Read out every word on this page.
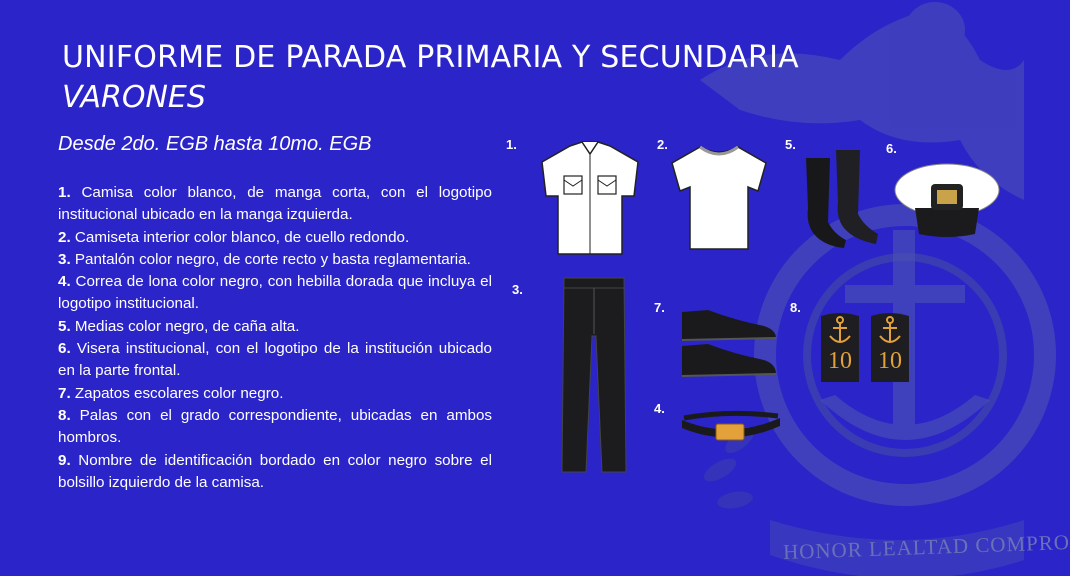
HONOR LEALTAD COMPRO
UNIFORME DE PARADA PRIMARIA Y SECUNDARIA
VARONES
Desde 2do. EGB hasta 10mo. EGB

1. Camisa color blanco, de manga corta, con el logotipo institucional ubicado en la manga izquierda.

2. Camiseta interior color blanco, de cuello redondo.

3. Pantalón color negro, de corte recto y basta reglamentaria.

4. Correa de lona color negro, con hebilla dorada que incluya el logotipo institucional.

5. Medias color negro, de caña alta.

6. Visera institucional, con el logotipo de la institución ubicado en la parte frontal.

7. Zapatos escolares color negro.

8. Palas con el grado correspondiente, ubicadas en ambos hombros.

9. Nombre de identificación bordado en color negro sobre el bolsillo izquierdo de la camisa.

1.	2.
3.
4.
5.	6.
7.	8.
10	10
